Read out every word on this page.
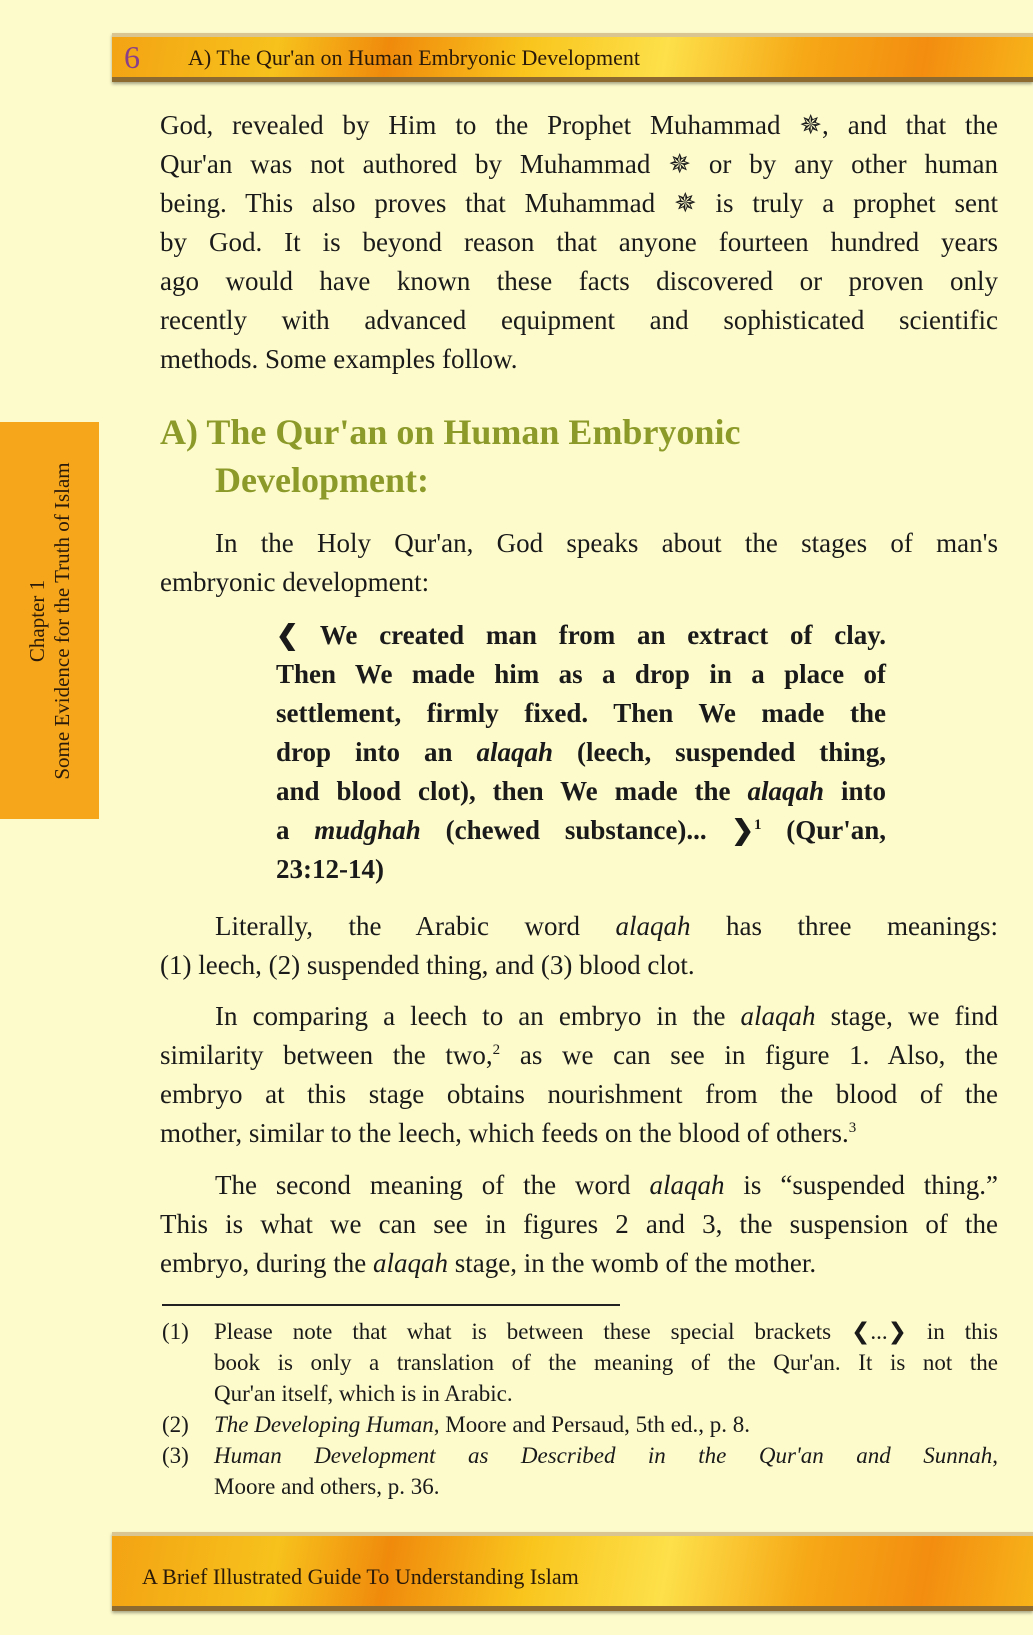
6 A) The Qur'an on Human Embryonic Development
Chapter 1 Some Evidence for the Truth of Islam
God, revealed by Him to the Prophet Muhammad ✵, and that the
Qur'an was not authored by Muhammad ✵ or by any other human
being. This also proves that Muhammad ✵ is truly a prophet sent
by God. It is beyond reason that anyone fourteen hundred years
ago would have known these facts discovered or proven only
recently with advanced equipment and sophisticated scientific
methods. Some examples follow.
A) The Qur'an on Human Embryonic
Development:
In the Holy Qur'an, God speaks about the stages of man's
embryonic development:
❮ We created man from an extract of clay.
Then We made him as a drop in a place of
settlement, firmly fixed. Then We made the
drop into an alaqah (leech, suspended thing,
and blood clot), then We made the alaqah into
a mudghah (chewed substance)... ❯$^1$ (Qur'an,
23:12-14)
Literally, the Arabic word alaqah has three meanings:
(1) leech, (2) suspended thing, and (3) blood clot.
In comparing a leech to an embryo in the alaqah stage, we find
similarity between the two,$^2$ as we can see in figure 1. Also, the
embryo at this stage obtains nourishment from the blood of the
mother, similar to the leech, which feeds on the blood of others.$^3$
The second meaning of the word alaqah is “suspended thing.”
This is what we can see in figures 2 and 3, the suspension of the
embryo, during the alaqah stage, in the womb of the mother.
(1)	Please note that what is between these special brackets ❮...❯ in this
book is only a translation of the meaning of the Qur'an. It is not the
Qur'an itself, which is in Arabic.
(2)	The Developing Human, Moore and Persaud, 5th ed., p. 8.
(3)	Human Development as Described in the Qur'an and Sunnah,
Moore and others, p. 36.
A Brief Illustrated Guide To Understanding Islam
